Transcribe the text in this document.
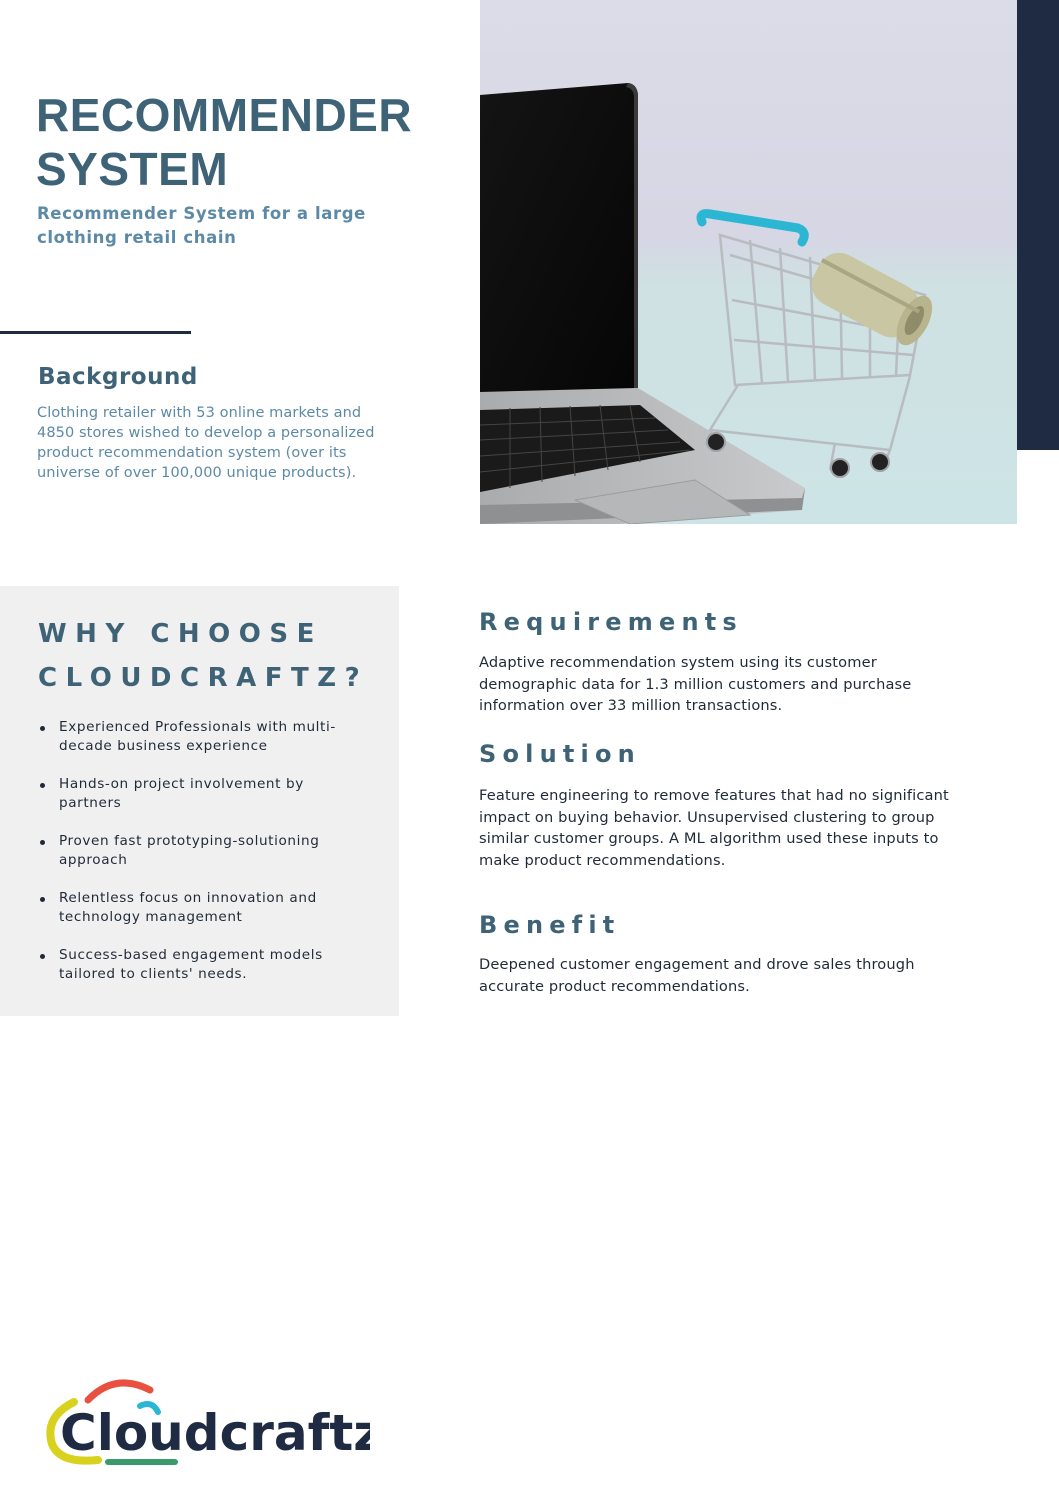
RECOMMENDER
SYSTEM
Recommender System for a large clothing retail chain
Background
Clothing retailer with 53 online markets and 4850 stores wished to develop a personalized product recommendation system (over its universe of over 100,000 unique products).
WHY CHOOSE
CLOUDCRAFTZ?
Experienced Professionals with multi-decade business experience
Hands-on project involvement by partners
Proven fast prototyping-solutioning approach
Relentless focus on innovation and technology management
Success-based engagement models tailored to clients' needs.
Requirements
Adaptive recommendation system using its customer demographic data for 1.3 million customers and purchase information over 33 million transactions.
Solution
Feature engineering to remove features that had no significant impact on buying behavior. Unsupervised clustering to group similar customer groups. A ML algorithm used these inputs to make product recommendations.
Benefit
Deepened customer engagement and drove sales through accurate product recommendations.
Cloudcraftz
